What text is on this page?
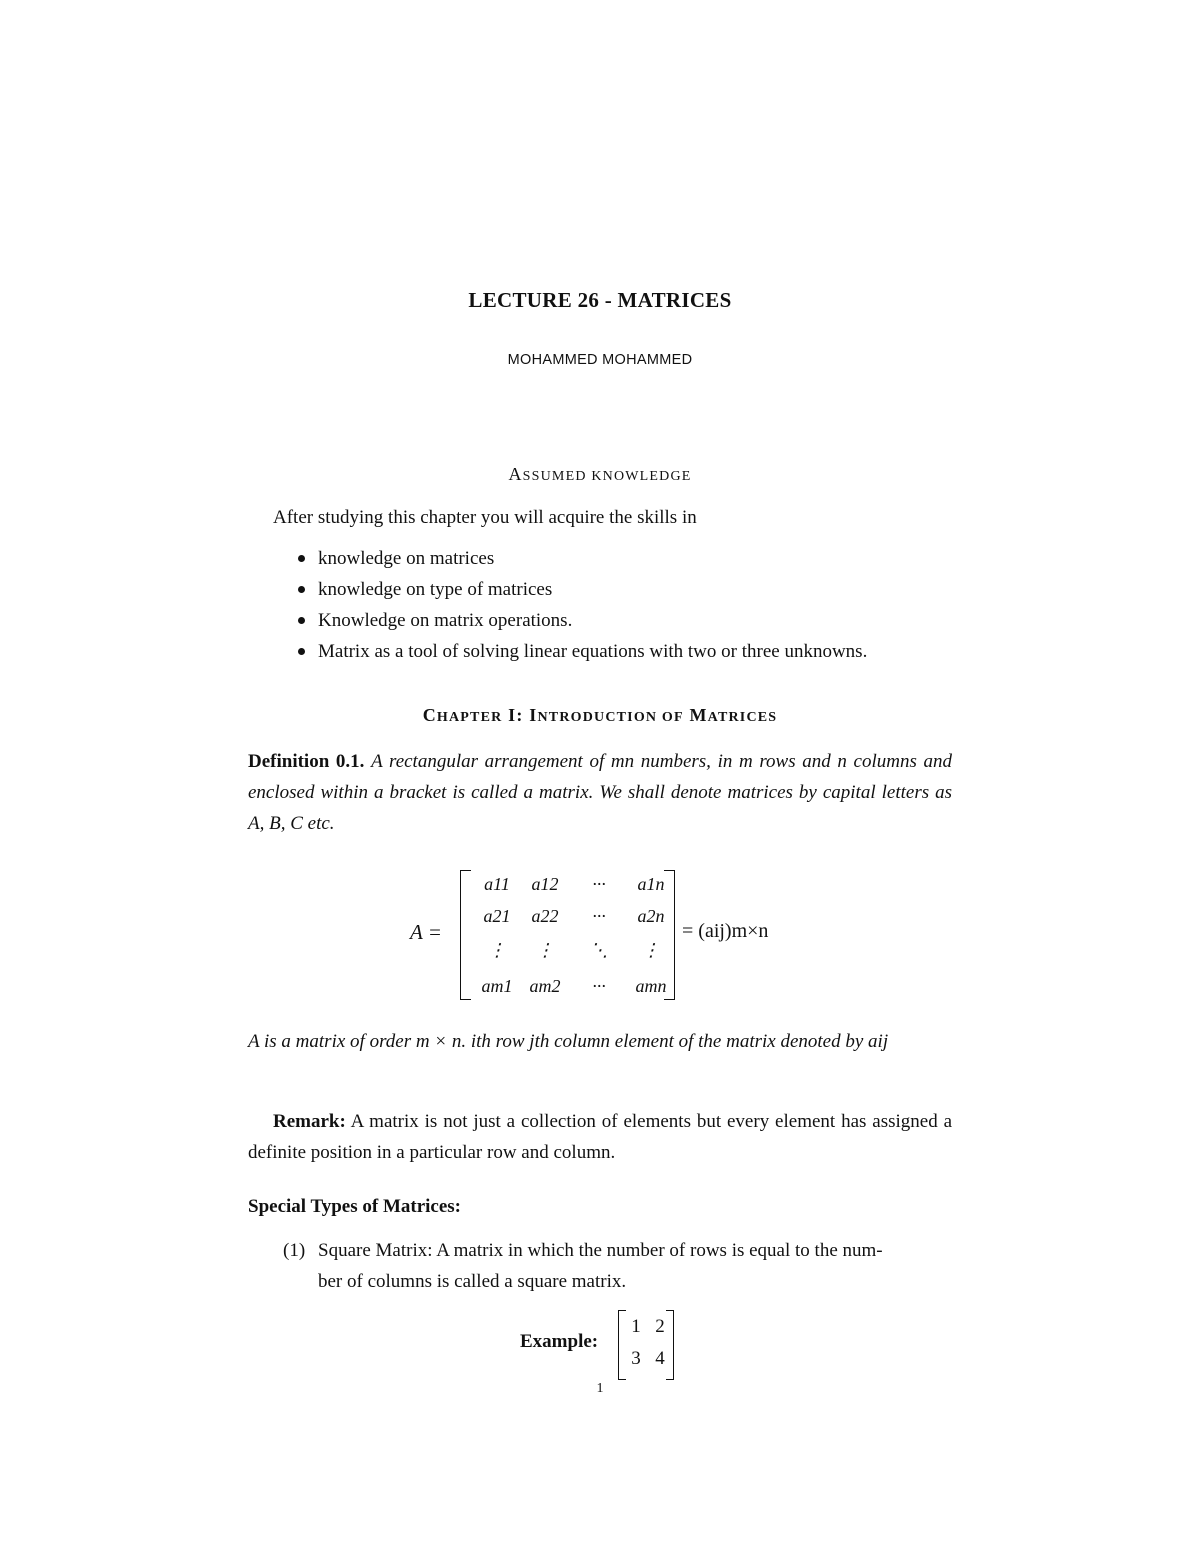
LECTURE 26 - MATRICES
MOHAMMED MOHAMMED
ASSUMED KNOWLEDGE
After studying this chapter you will acquire the skills in
knowledge on matrices
knowledge on type of matrices
Knowledge on matrix operations.
Matrix as a tool of solving linear equations with two or three unknowns.
CHAPTER I: INTRODUCTION OF MATRICES
Definition 0.1. A rectangular arrangement of mn numbers, in m rows and n columns and enclosed within a bracket is called a matrix. We shall denote matrices by capital letters as A, B, C etc.
A =
a11	a12	···	a1n
a21	a22	···	a2n
⋮	⋮	⋱	⋮
am1 am2	···	amn
= (aij)m×n
A is a matrix of order m × n. ith row jth column element of the matrix denoted by aij
Remark: A matrix is not just a collection of elements but every element has assigned a definite position in a particular row and column.
Special Types of Matrices:
(1) Square Matrix: A matrix in which the number of rows is equal to the num-
ber of columns is called a square matrix.
Example:
1 2
3 4
1
